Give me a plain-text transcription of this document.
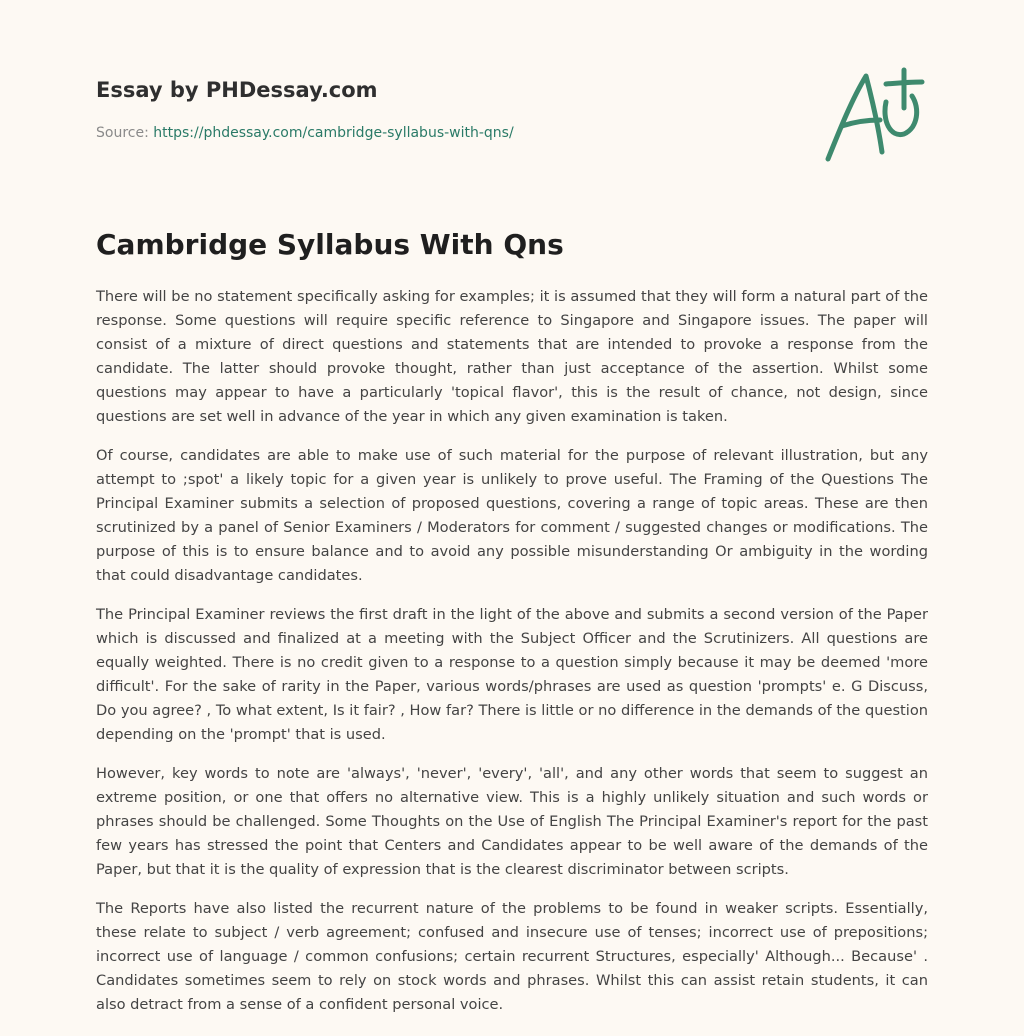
Essay by PHDessay.com
Source: https://phdessay.com/cambridge-syllabus-with-qns/
Cambridge Syllabus With Qns

There will be no statement specifically asking for examples; it is assumed that they will form a natural part of the response. Some questions will require specific reference to Singapore and Singapore issues. The paper will consist of a mixture of direct questions and statements that are intended to provoke a response from the candidate. The latter should provoke thought, rather than just acceptance of the assertion. Whilst some questions may appear to have a particularly 'topical flavor', this is the result of chance, not design, since questions are set well in advance of the year in which any given examination is taken.

Of course, candidates are able to make use of such material for the purpose of relevant illustration, but any attempt to ;spot' a likely topic for a given year is unlikely to prove useful. The Framing of the Questions The Principal Examiner submits a selection of proposed questions, covering a range of topic areas. These are then scrutinized by a panel of Senior Examiners / Moderators for comment / suggested changes or modifications. The purpose of this is to ensure balance and to avoid any possible misunderstanding Or ambiguity in the wording that could disadvantage candidates.

The Principal Examiner reviews the first draft in the light of the above and submits a second version of the Paper which is discussed and finalized at a meeting with the Subject Officer and the Scrutinizers. All questions are equally weighted. There is no credit given to a response to a question simply because it may be deemed 'more difficult'. For the sake of rarity in the Paper, various words/phrases are used as question 'prompts' e. G Discuss, Do you agree? , To what extent, Is it fair? , How far? There is little or no difference in the demands of the question depending on the 'prompt' that is used.

However, key words to note are 'always', 'never', 'every', 'all', and any other words that seem to suggest an extreme position, or one that offers no alternative view. This is a highly unlikely situation and such words or phrases should be challenged. Some Thoughts on the Use of English The Principal Examiner's report for the past few years has stressed the point that Centers and Candidates appear to be well aware of the demands of the Paper, but that it is the quality of expression that is the clearest discriminator between scripts.

The Reports have also listed the recurrent nature of the problems to be found in weaker scripts. Essentially, these relate to subject / verb agreement; confused and insecure use of tenses; incorrect use of prepositions; incorrect use of language / common confusions; certain recurrent Structures, especially' Although... Because' . Candidates sometimes seem to rely on stock words and phrases. Whilst this can assist retain students, it can also detract from a sense of a confident personal voice.
